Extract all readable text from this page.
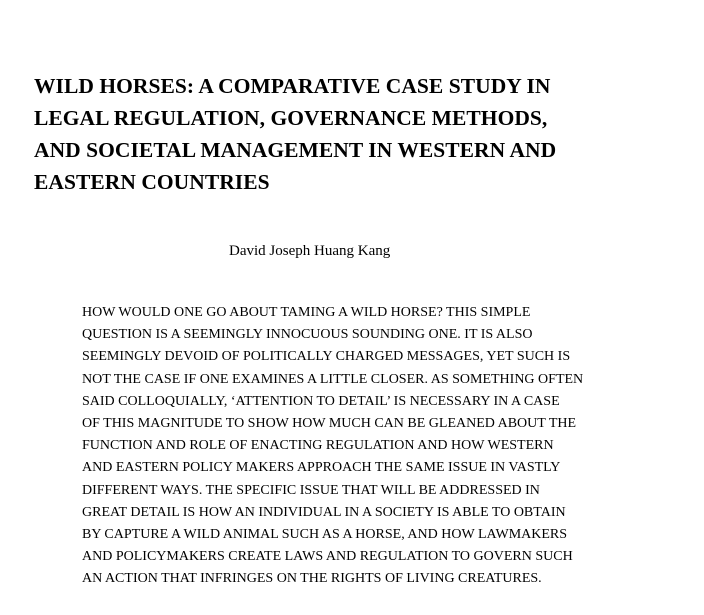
WILD HORSES: A COMPARATIVE CASE STUDY IN
LEGAL REGULATION, GOVERNANCE METHODS,
AND SOCIETAL MANAGEMENT IN WESTERN AND
EASTERN COUNTRIES

David Joseph Huang Kang

HOW WOULD ONE GO ABOUT TAMING A WILD HORSE? THIS SIMPLE
QUESTION IS A SEEMINGLY INNOCUOUS SOUNDING ONE. IT IS ALSO
SEEMINGLY DEVOID OF POLITICALLY CHARGED MESSAGES, YET SUCH IS
NOT THE CASE IF ONE EXAMINES A LITTLE CLOSER. AS SOMETHING OFTEN
SAID COLLOQUIALLY, ‘ATTENTION TO DETAIL’ IS NECESSARY IN A CASE
OF THIS MAGNITUDE TO SHOW HOW MUCH CAN BE GLEANED ABOUT THE
FUNCTION AND ROLE OF ENACTING REGULATION AND HOW WESTERN
AND EASTERN POLICY MAKERS APPROACH THE SAME ISSUE IN VASTLY
DIFFERENT WAYS. THE SPECIFIC ISSUE THAT WILL BE ADDRESSED IN
GREAT DETAIL IS HOW AN INDIVIDUAL IN A SOCIETY IS ABLE TO OBTAIN
BY CAPTURE A WILD ANIMAL SUCH AS A HORSE, AND HOW LAWMAKERS
AND POLICYMAKERS CREATE LAWS AND REGULATION TO GOVERN SUCH
AN ACTION THAT INFRINGES ON THE RIGHTS OF LIVING CREATURES.
